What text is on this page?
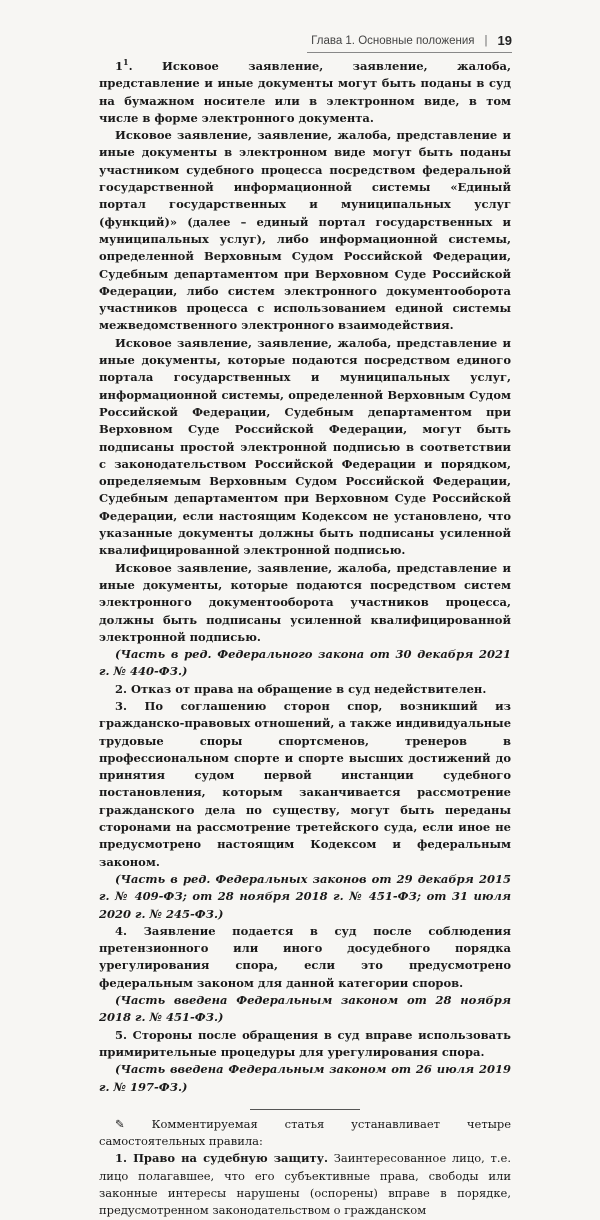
Глава 1. Основные положения | 19

$1^1$. Исковое заявление, заявление, жалоба, представление и иные документы могут быть поданы в суд на бумажном носителе или в электронном виде, в том числе в форме электронного документа.

Исковое заявление, заявление, жалоба, представление и иные документы в электронном виде могут быть поданы участником судебного процесса посредством федеральной государственной информационной системы «Единый портал государственных и муниципальных услуг (функций)» (далее – единый портал государственных и муниципальных услуг), либо информационной системы, определенной Верховным Судом Российской Федерации, Судебным департаментом при Верховном Суде Российской Федерации, либо систем электронного документооборота участников процесса с использованием единой системы межведомственного электронного взаимодействия.

Исковое заявление, заявление, жалоба, представление и иные документы, которые подаются посредством единого портала государственных и муниципальных услуг, информационной системы, определенной Верховным Судом Российской Федерации, Судебным департаментом при Верховном Суде Российской Федерации, могут быть подписаны простой электронной подписью в соответствии с законодательством Российской Федерации и порядком, определяемым Верховным Судом Российской Федерации, Судебным департаментом при Верховном Суде Российской Федерации, если настоящим Кодексом не установлено, что указанные документы должны быть подписаны усиленной квалифицированной электронной подписью.

Исковое заявление, заявление, жалоба, представление и иные документы, которые подаются посредством систем электронного документооборота участников процесса, должны быть подписаны усиленной квалифицированной электронной подписью.

(Часть в ред. Федерального закона от 30 декабря 2021 г. № 440-ФЗ.)

2. Отказ от права на обращение в суд недействителен.

3. По соглашению сторон спор, возникший из гражданско-правовых отношений, а также индивидуальные трудовые споры спортсменов, тренеров в профессиональном спорте и спорте высших достижений до принятия судом первой инстанции судебного постановления, которым заканчивается рассмотрение гражданского дела по существу, могут быть переданы сторонами на рассмотрение третейского суда, если иное не предусмотрено настоящим Кодексом и федеральным законом.

(Часть в ред. Федеральных законов от 29 декабря 2015 г. № 409-ФЗ; от 28 ноября 2018 г. № 451-ФЗ; от 31 июля 2020 г. № 245-ФЗ.)

4. Заявление подается в суд после соблюдения претензионного или иного досудебного порядка урегулирования спора, если это предусмотрено федеральным законом для данной категории споров.

(Часть введена Федеральным законом от 28 ноября 2018 г. № 451-ФЗ.)

5. Стороны после обращения в суд вправе использовать примирительные процедуры для урегулирования спора.

(Часть введена Федеральным законом от 26 июля 2019 г. № 197-ФЗ.)

✎ Комментируемая статья устанавливает четыре самостоятельных правила:

1. Право на судебную защиту. Заинтересованное лицо, т.е. лицо полагавшее, что его субъективные права, свободы или законные интересы нарушены (оспорены) вправе в порядке, предусмотренном законодательством о гражданском
